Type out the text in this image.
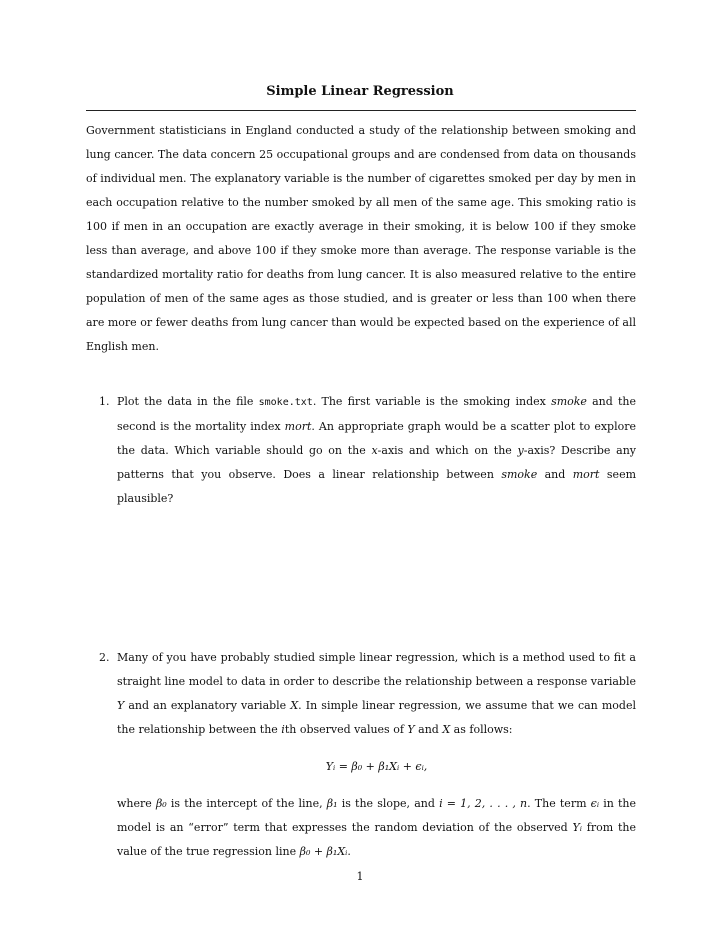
Simple Linear Regression
Government statisticians in England conducted a study of the relationship between smoking and lung cancer. The data concern 25 occupational groups and are condensed from data on thousands of individual men. The explanatory variable is the number of cigarettes smoked per day by men in each occupation relative to the number smoked by all men of the same age. This smoking ratio is 100 if men in an occupation are exactly average in their smoking, it is below 100 if they smoke less than average, and above 100 if they smoke more than average. The response variable is the standardized mortality ratio for deaths from lung cancer. It is also measured relative to the entire population of men of the same ages as those studied, and is greater or less than 100 when there are more or fewer deaths from lung cancer than would be expected based on the experience of all English men.
1. Plot the data in the file smoke.txt. The first variable is the smoking index smoke and the second is the mortality index mort. An appropriate graph would be a scatter plot to explore the data. Which variable should go on the x-axis and which on the y-axis? Describe any patterns that you observe. Does a linear relationship between smoke and mort seem plausible?
2. Many of you have probably studied simple linear regression, which is a method used to fit a straight line model to data in order to describe the relationship between a response variable Y and an explanatory variable X. In simple linear regression, we assume that we can model the relationship between the ith observed values of Y and X as follows:
Yᵢ = β₀ + β₁Xᵢ + ϵᵢ,
where β₀ is the intercept of the line, β₁ is the slope, and i = 1, 2, . . . , n. The term ϵᵢ in the model is an “error” term that expresses the random deviation of the observed Yᵢ from the value of the true regression line β₀ + β₁Xᵢ.
1
